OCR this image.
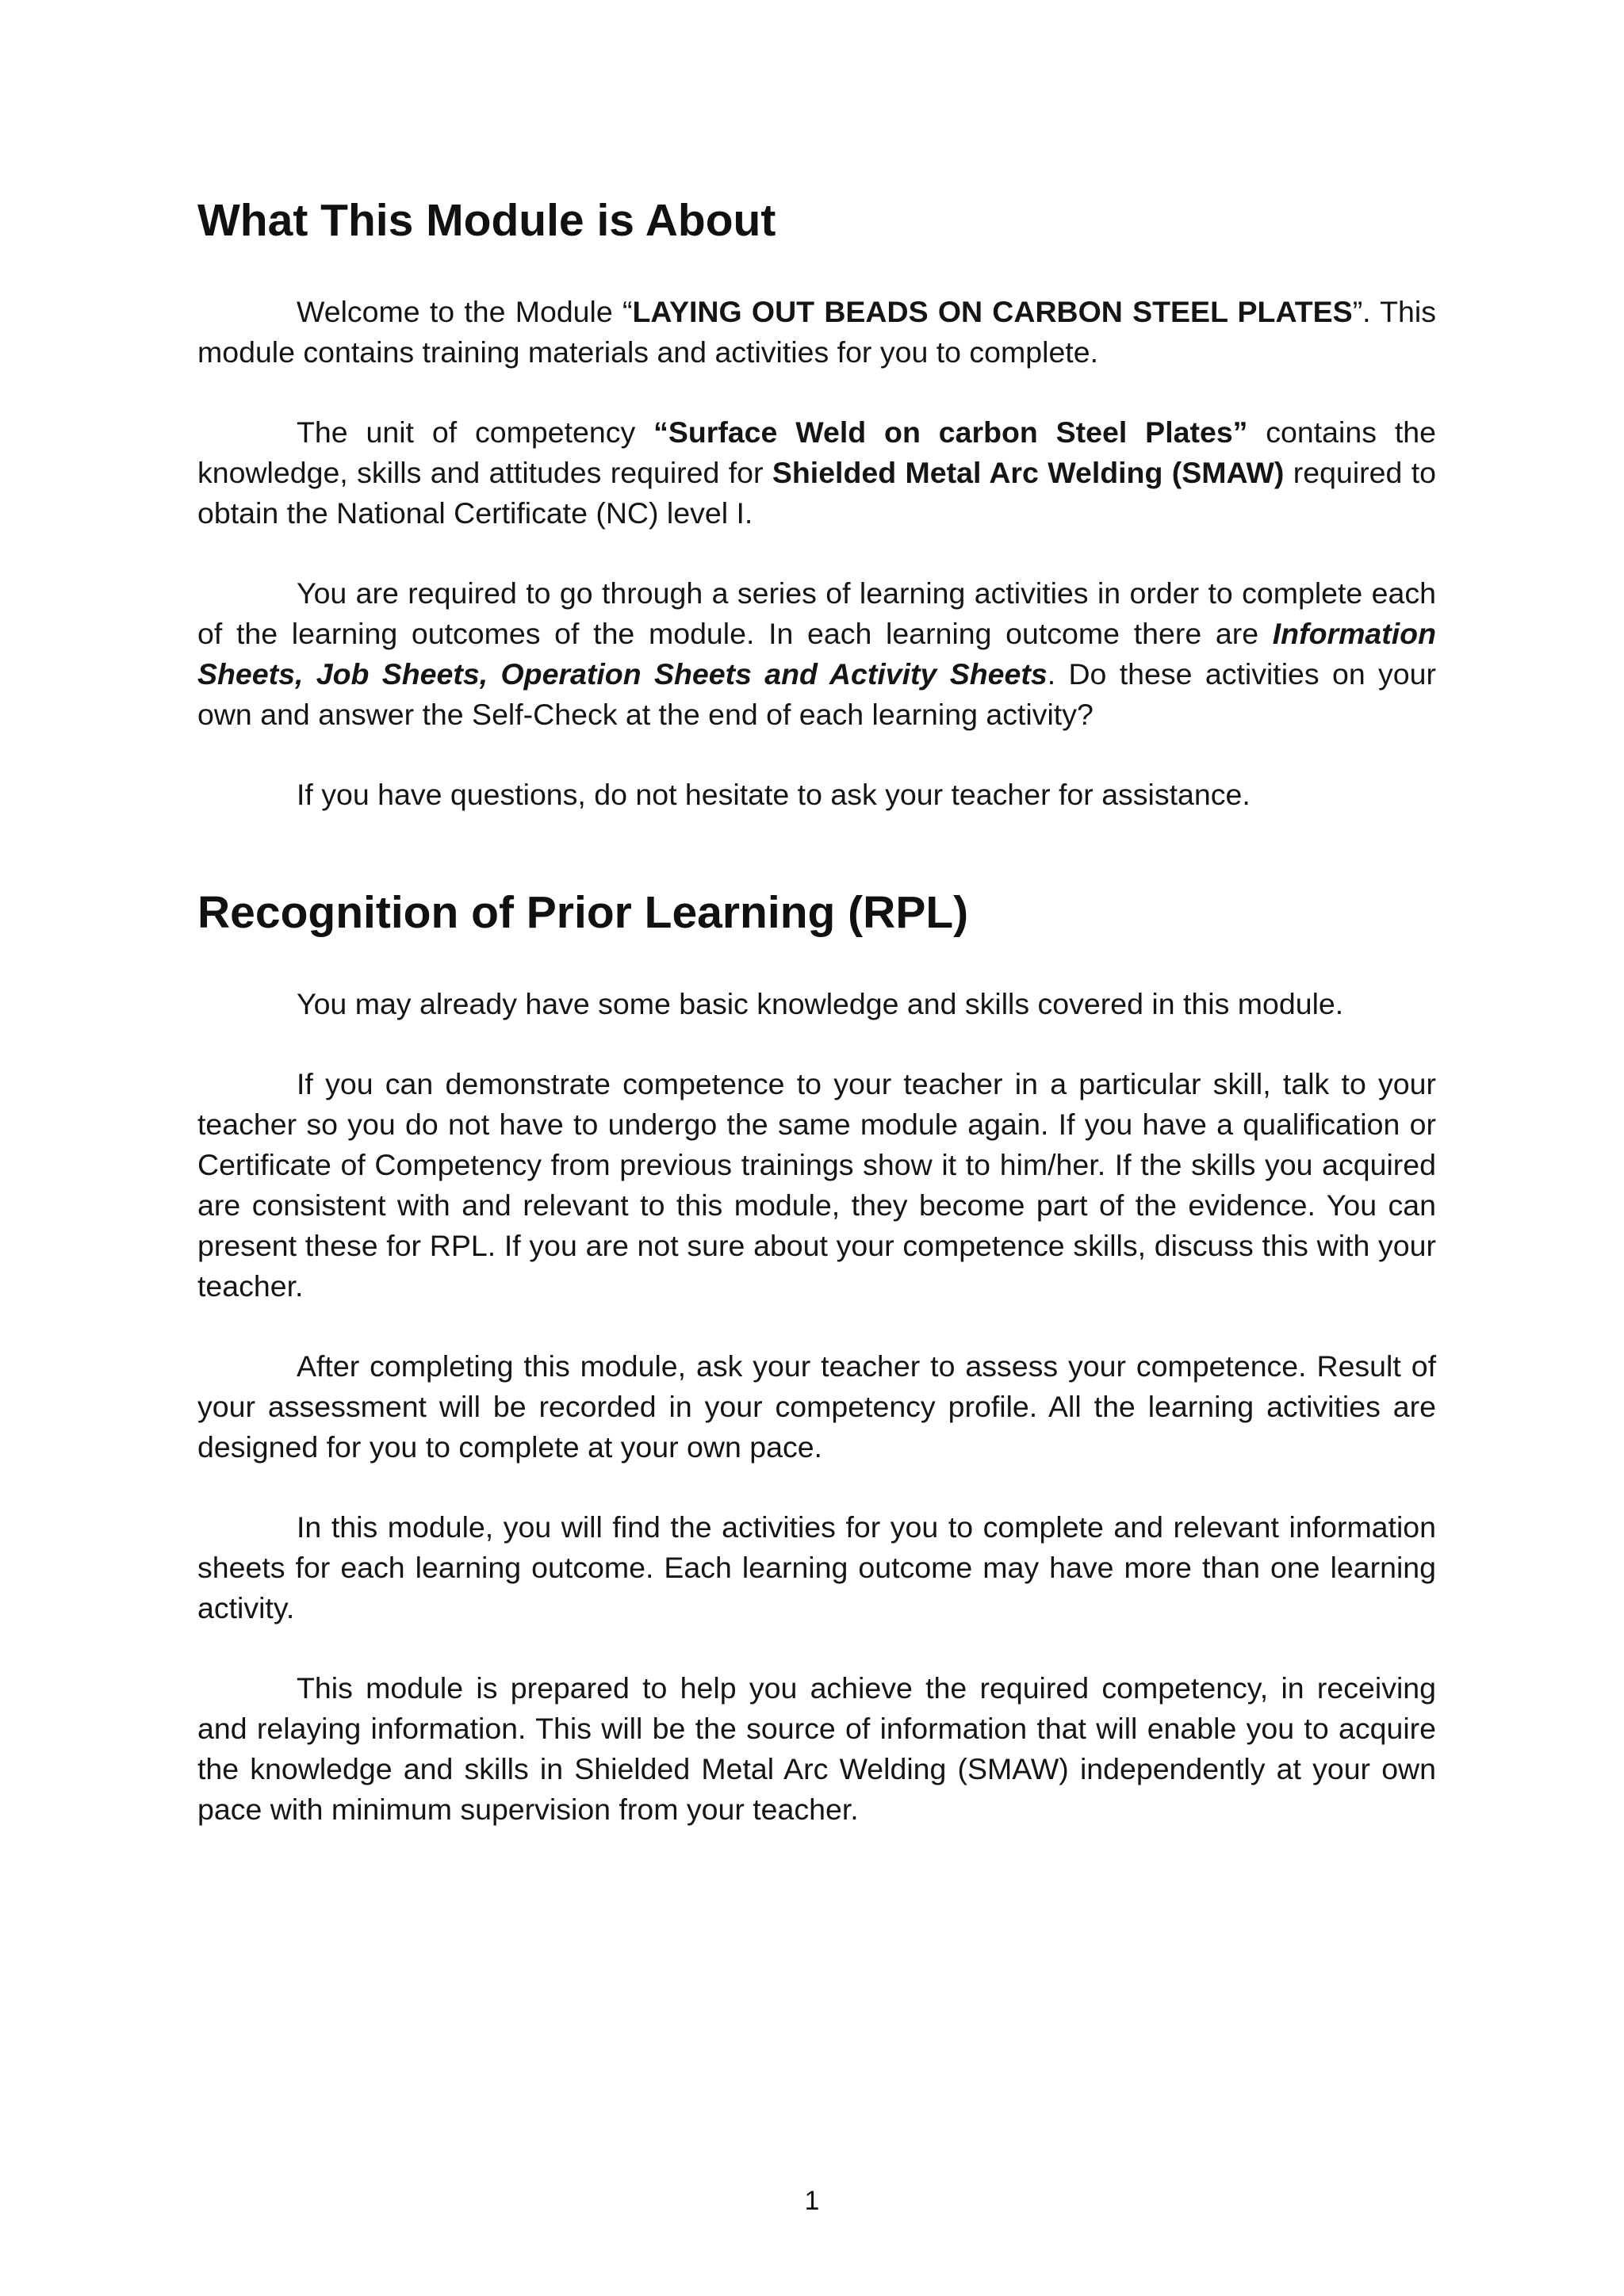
What This Module is About

Welcome to the Module “LAYING OUT BEADS ON CARBON STEEL PLATES”. This module contains training materials and activities for you to complete.

The unit of competency “Surface Weld on carbon Steel Plates” contains the knowledge, skills and attitudes required for Shielded Metal Arc Welding (SMAW) required to obtain the National Certificate (NC) level I.

You are required to go through a series of learning activities in order to complete each of the learning outcomes of the module. In each learning outcome there are Information Sheets, Job Sheets, Operation Sheets and Activity Sheets. Do these activities on your own and answer the Self-Check at the end of each learning activity?

If you have questions, do not hesitate to ask your teacher for assistance.

Recognition of Prior Learning (RPL)

You may already have some basic knowledge and skills covered in this module.

If you can demonstrate competence to your teacher in a particular skill, talk to your teacher so you do not have to undergo the same module again. If you have a qualification or Certificate of Competency from previous trainings show it to him/her. If the skills you acquired are consistent with and relevant to this module, they become part of the evidence. You can present these for RPL. If you are not sure about your competence skills, discuss this with your teacher.

After completing this module, ask your teacher to assess your competence. Result of your assessment will be recorded in your competency profile. All the learning activities are designed for you to complete at your own pace.

In this module, you will find the activities for you to complete and relevant information sheets for each learning outcome. Each learning outcome may have more than one learning activity.

This module is prepared to help you achieve the required competency, in receiving and relaying information. This will be the source of information that will enable you to acquire the knowledge and skills in Shielded Metal Arc Welding (SMAW) independently at your own pace with minimum supervision from your teacher.

1
